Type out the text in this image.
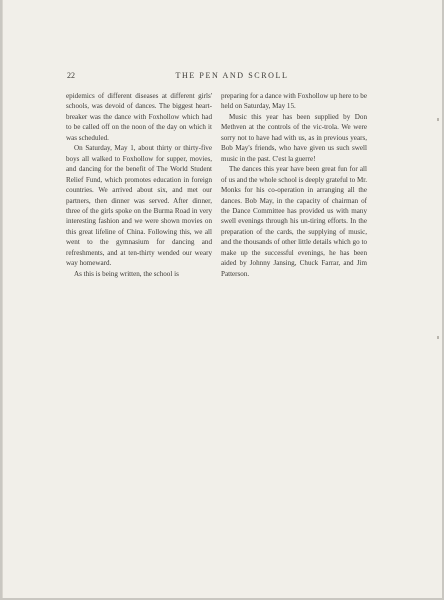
22	THE PEN AND SCROLL

epidemics of different diseases at different girls' schools, was devoid of dances. The biggest heart-breaker was the dance with Foxhollow which had to be called off on the noon of the day on which it was scheduled.

On Saturday, May 1, about thirty or thirty-five boys all walked to Foxhollow for supper, movies, and dancing for the benefit of The World Student Relief Fund, which promotes education in foreign countries. We arrived about six, and met our partners, then dinner was served. After dinner, three of the girls spoke on the Burma Road in very interesting fashion and we were shown movies on this great lifeline of China. Following this, we all went to the gymnasium for dancing and refreshments, and at ten-thirty wended our weary way homeward.

As this is being written, the school is

preparing for a dance with Foxhollow up here to be held on Saturday, May 15.

Music this year has been supplied by Don Methven at the controls of the vic-trola. We were sorry not to have had with us, as in previous years, Bob May's friends, who have given us such swell music in the past. C'est la guerre!

The dances this year have been great fun for all of us and the whole school is deeply grateful to Mr. Monks for his co-operation in arranging all the dances. Bob May, in the capacity of chairman of the Dance Committee has provided us with many swell evenings through his un-tiring efforts. In the preparation of the cards, the supplying of music, and the thousands of other little details which go to make up the successful evenings, he has been aided by Johnny Jansing, Chuck Farrar, and Jim Patterson.
